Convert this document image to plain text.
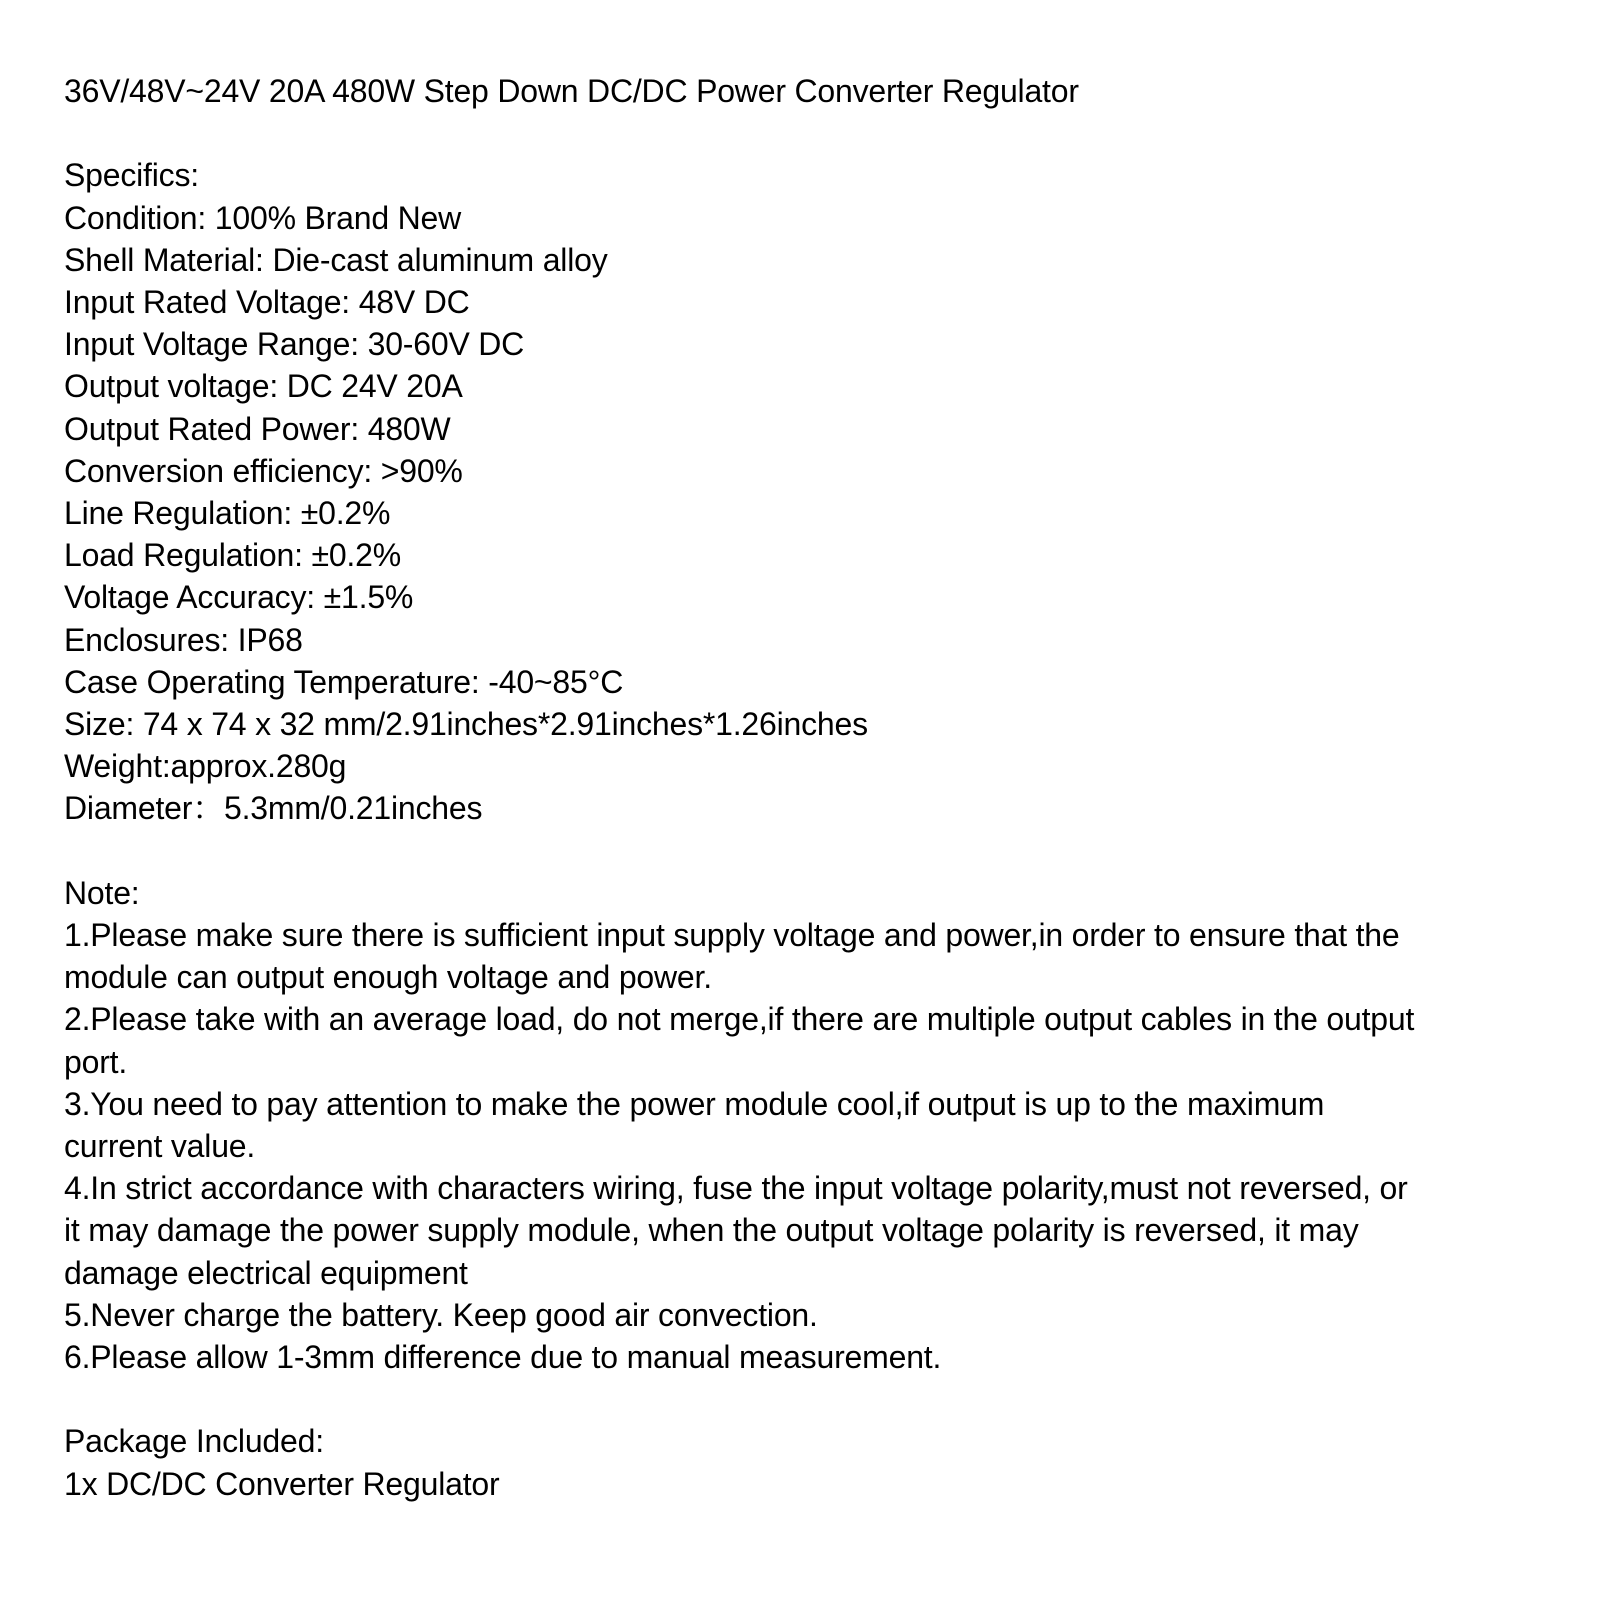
36V/48V~24V 20A 480W Step Down DC/DC Power Converter Regulator
Specifics:
Condition: 100% Brand New
Shell Material: Die-cast aluminum alloy
Input Rated Voltage: 48V DC
Input Voltage Range: 30-60V DC
Output voltage: DC 24V 20A
Output Rated Power: 480W
Conversion efficiency: >90%
Line Regulation: ±0.2%
Load Regulation: ±0.2%
Voltage Accuracy: ±1.5%
Enclosures: IP68
Case Operating Temperature: -40~85°C
Size: 74 x 74 x 32 mm/2.91inches*2.91inches*1.26inches
Weight:approx.280g
Diameter：5.3mm/0.21inches
Note:
1.Please make sure there is sufficient input supply voltage and power,in order to ensure that the
module can output enough voltage and power.
2.Please take with an average load, do not merge,if there are multiple output cables in the output
port.
3.You need to pay attention to make the power module cool,if output is up to the maximum
current value.
4.In strict accordance with characters wiring, fuse the input voltage polarity,must not reversed, or
it may damage the power supply module, when the output voltage polarity is reversed, it may
damage electrical equipment
5.Never charge the battery. Keep good air convection.
6.Please allow 1-3mm difference due to manual measurement.
Package Included:
1x DC/DC Converter Regulator
